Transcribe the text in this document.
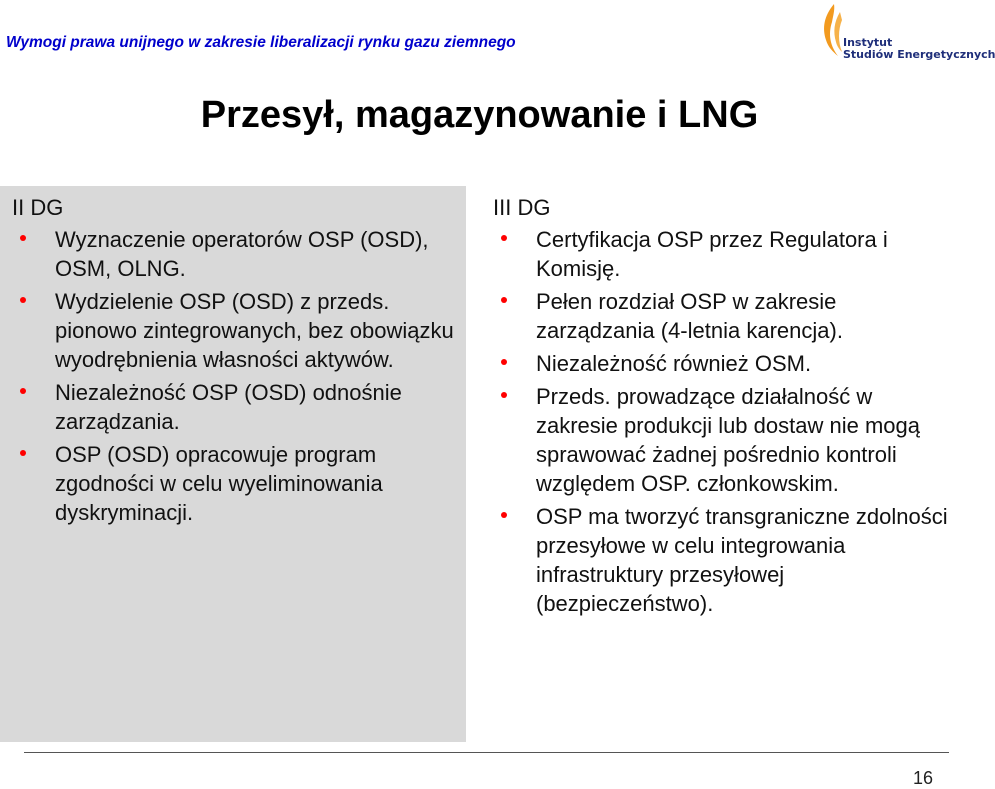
Wymogi prawa unijnego w zakresie liberalizacji rynku gazu ziemnego	Instytut
Studiów Energetycznych
Przesył, magazynowanie i LNG
II DG
Wyznaczenie operatorów OSP (OSD), OSM, OLNG.
Wydzielenie OSP (OSD) z przeds. pionowo zintegrowanych, bez obowiązku wyodrębnienia własności aktywów.
Niezależność OSP (OSD) odnośnie zarządzania.
OSP (OSD) opracowuje program zgodności w celu wyeliminowania dyskryminacji.
III DG
Certyfikacja OSP przez Regulatora i Komisję.
Pełen rozdział OSP w zakresie zarządzania (4-letnia karencja).
Niezależność również OSM.
Przeds. prowadzące działalność w zakresie produkcji lub dostaw nie mogą sprawować żadnej pośrednio kontroli względem OSP. członkowskim.
OSP ma tworzyć transgraniczne zdolności przesyłowe w celu integrowania infrastruktury przesyłowej (bezpieczeństwo).
16
